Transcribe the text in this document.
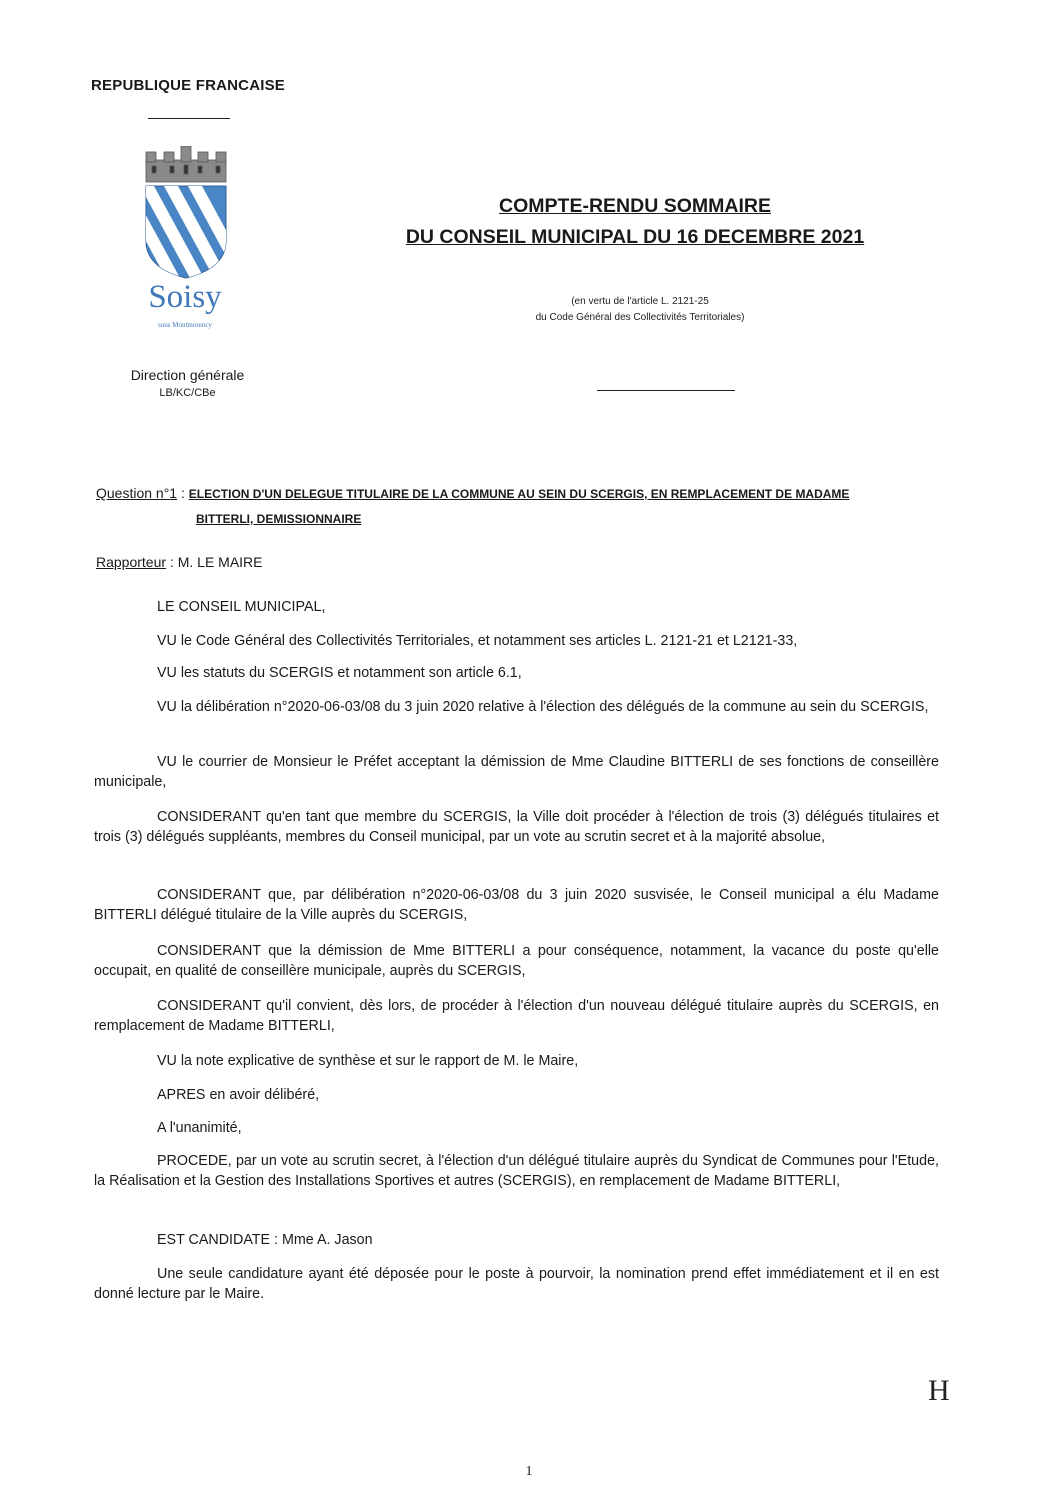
REPUBLIQUE FRANCAISE
Soisy
sous Montmorency
Direction générale
LB/KC/CBe
COMPTE-RENDU SOMMAIRE
DU CONSEIL MUNICIPAL DU 16 DECEMBRE 2021
(en vertu de l'article L. 2121-25
du Code Général des Collectivités Territoriales)
Question n°1 : ELECTION D'UN DELEGUE TITULAIRE DE LA COMMUNE AU SEIN DU SCERGIS, EN REMPLACEMENT DE MADAME
BITTERLI, DEMISSIONNAIRE
Rapporteur : M. LE MAIRE
LE CONSEIL MUNICIPAL,
VU le Code Général des Collectivités Territoriales, et notamment ses articles L. 2121-21 et L2121-33,
VU les statuts du SCERGIS et notamment son article 6.1,
VU la délibération n°2020-06-03/08 du 3 juin 2020 relative à l'élection des délégués de la commune au sein du SCERGIS,
VU le courrier de Monsieur le Préfet acceptant la démission de Mme Claudine BITTERLI de ses fonctions de conseillère municipale,
CONSIDERANT qu'en tant que membre du SCERGIS, la Ville doit procéder à l'élection de trois (3) délégués titulaires et trois (3) délégués suppléants, membres du Conseil municipal, par un vote au scrutin secret et à la majorité absolue,
CONSIDERANT que, par délibération n°2020-06-03/08 du 3 juin 2020 susvisée, le Conseil municipal a élu Madame BITTERLI délégué titulaire de la Ville auprès du SCERGIS,
CONSIDERANT que la démission de Mme BITTERLI a pour conséquence, notamment, la vacance du poste qu'elle occupait, en qualité de conseillère municipale, auprès du SCERGIS,
CONSIDERANT qu'il convient, dès lors, de procéder à l'élection d'un nouveau délégué titulaire auprès du SCERGIS, en remplacement de Madame BITTERLI,
VU la note explicative de synthèse et sur le rapport de M. le Maire,
APRES en avoir délibéré,
A l'unanimité,
PROCEDE, par un vote au scrutin secret, à l'élection d'un délégué titulaire auprès du Syndicat de Communes pour l'Etude, la Réalisation et la Gestion des Installations Sportives et autres (SCERGIS), en remplacement de Madame BITTERLI,
EST CANDIDATE : Mme A. Jason
Une seule candidature ayant été déposée pour le poste à pourvoir, la nomination prend effet immédiatement et il en est donné lecture par le Maire.
H
1
